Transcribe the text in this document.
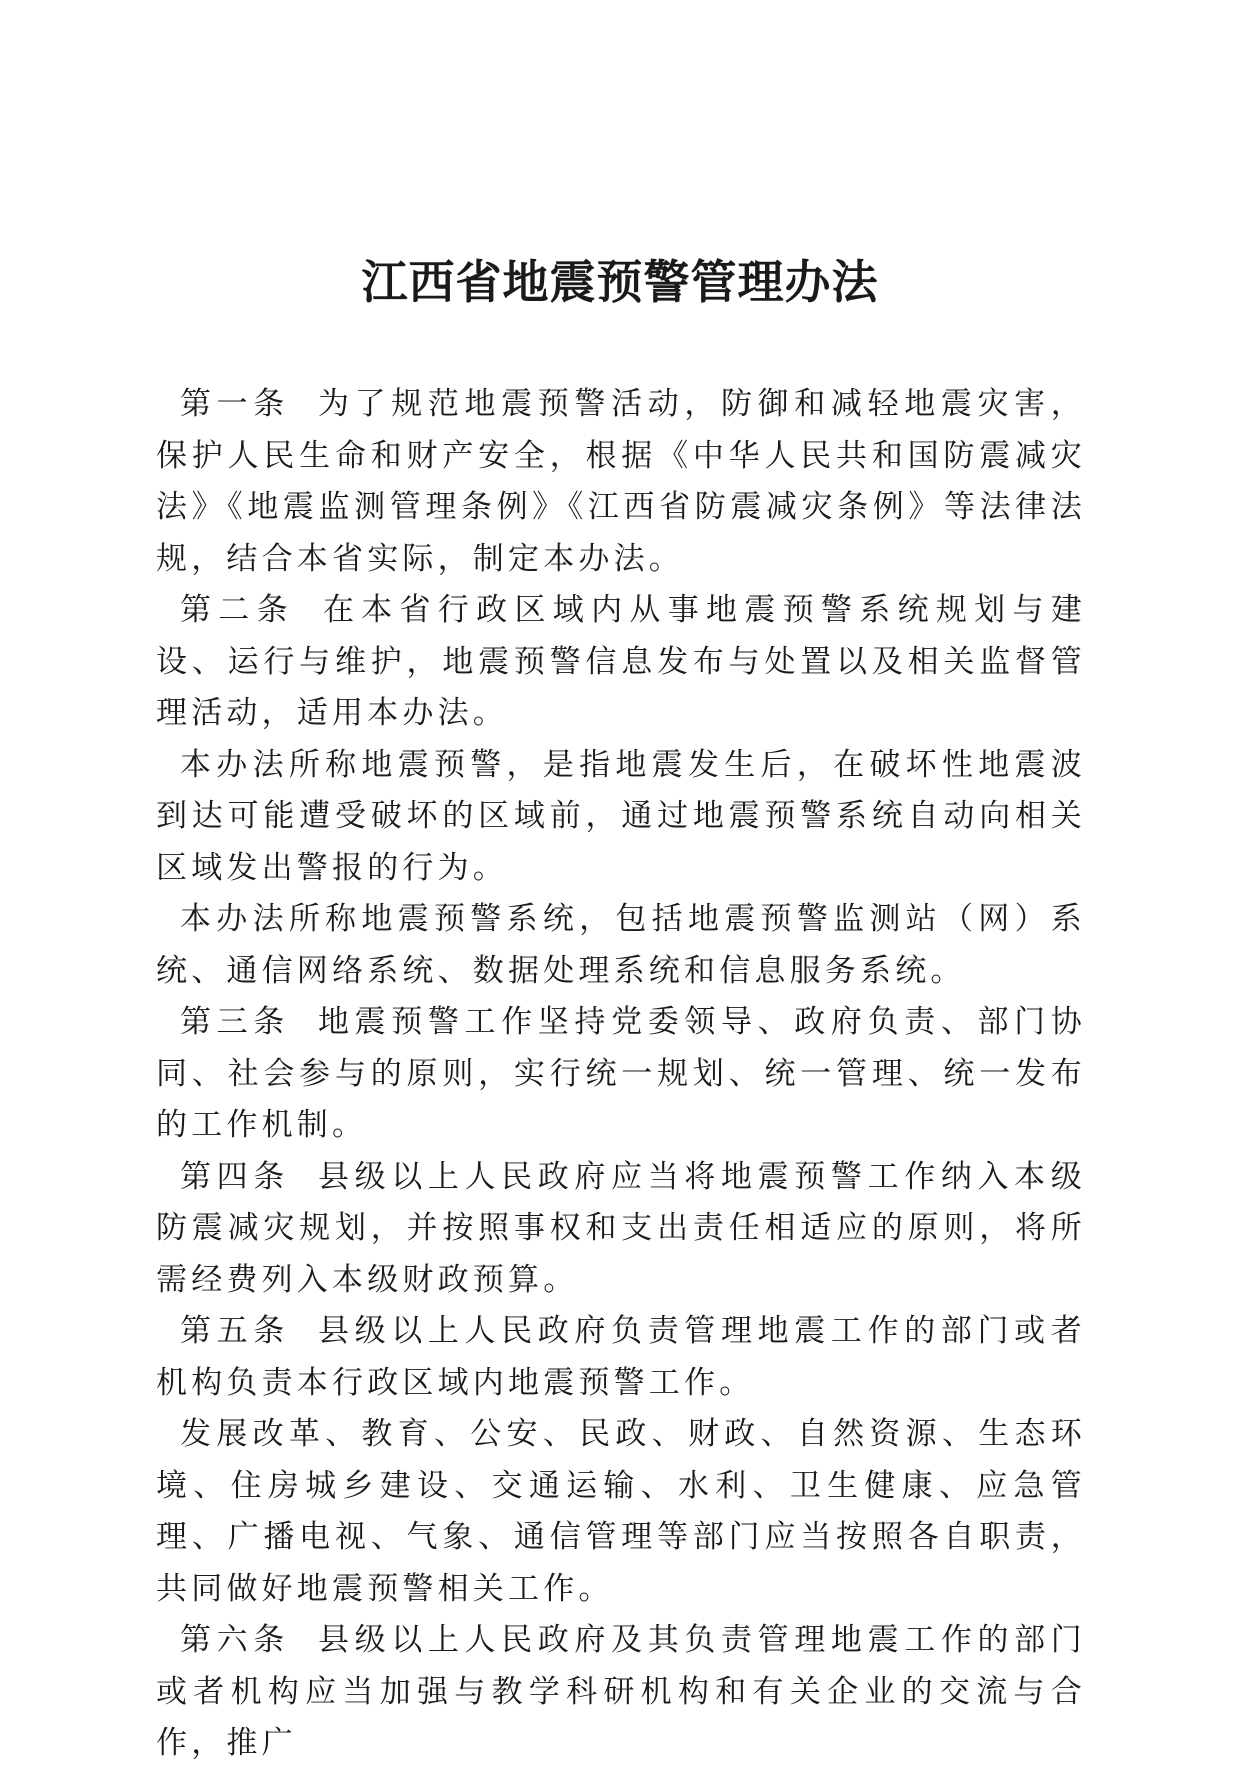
江西省地震预警管理办法

第一条 为了规范地震预警活动，防御和减轻地震灾害，保护人民生命和财产安全，根据《中华人民共和国防震减灾法》《地震监测管理条例》《江西省防震减灾条例》等法律法规，结合本省实际，制定本办法。

第二条 在本省行政区域内从事地震预警系统规划与建设、运行与维护，地震预警信息发布与处置以及相关监督管理活动，适用本办法。

本办法所称地震预警，是指地震发生后，在破坏性地震波到达可能遭受破坏的区域前，通过地震预警系统自动向相关区域发出警报的行为。

本办法所称地震预警系统，包括地震预警监测站（网）系统、通信网络系统、数据处理系统和信息服务系统。

第三条 地震预警工作坚持党委领导、政府负责、部门协同、社会参与的原则，实行统一规划、统一管理、统一发布的工作机制。

第四条 县级以上人民政府应当将地震预警工作纳入本级防震减灾规划，并按照事权和支出责任相适应的原则，将所需经费列入本级财政预算。

第五条 县级以上人民政府负责管理地震工作的部门或者机构负责本行政区域内地震预警工作。

发展改革、教育、公安、民政、财政、自然资源、生态环境、住房城乡建设、交通运输、水利、卫生健康、应急管理、广播电视、气象、通信管理等部门应当按照各自职责，共同做好地震预警相关工作。

第六条 县级以上人民政府及其负责管理地震工作的部门或者机构应当加强与教学科研机构和有关企业的交流与合作，推广
